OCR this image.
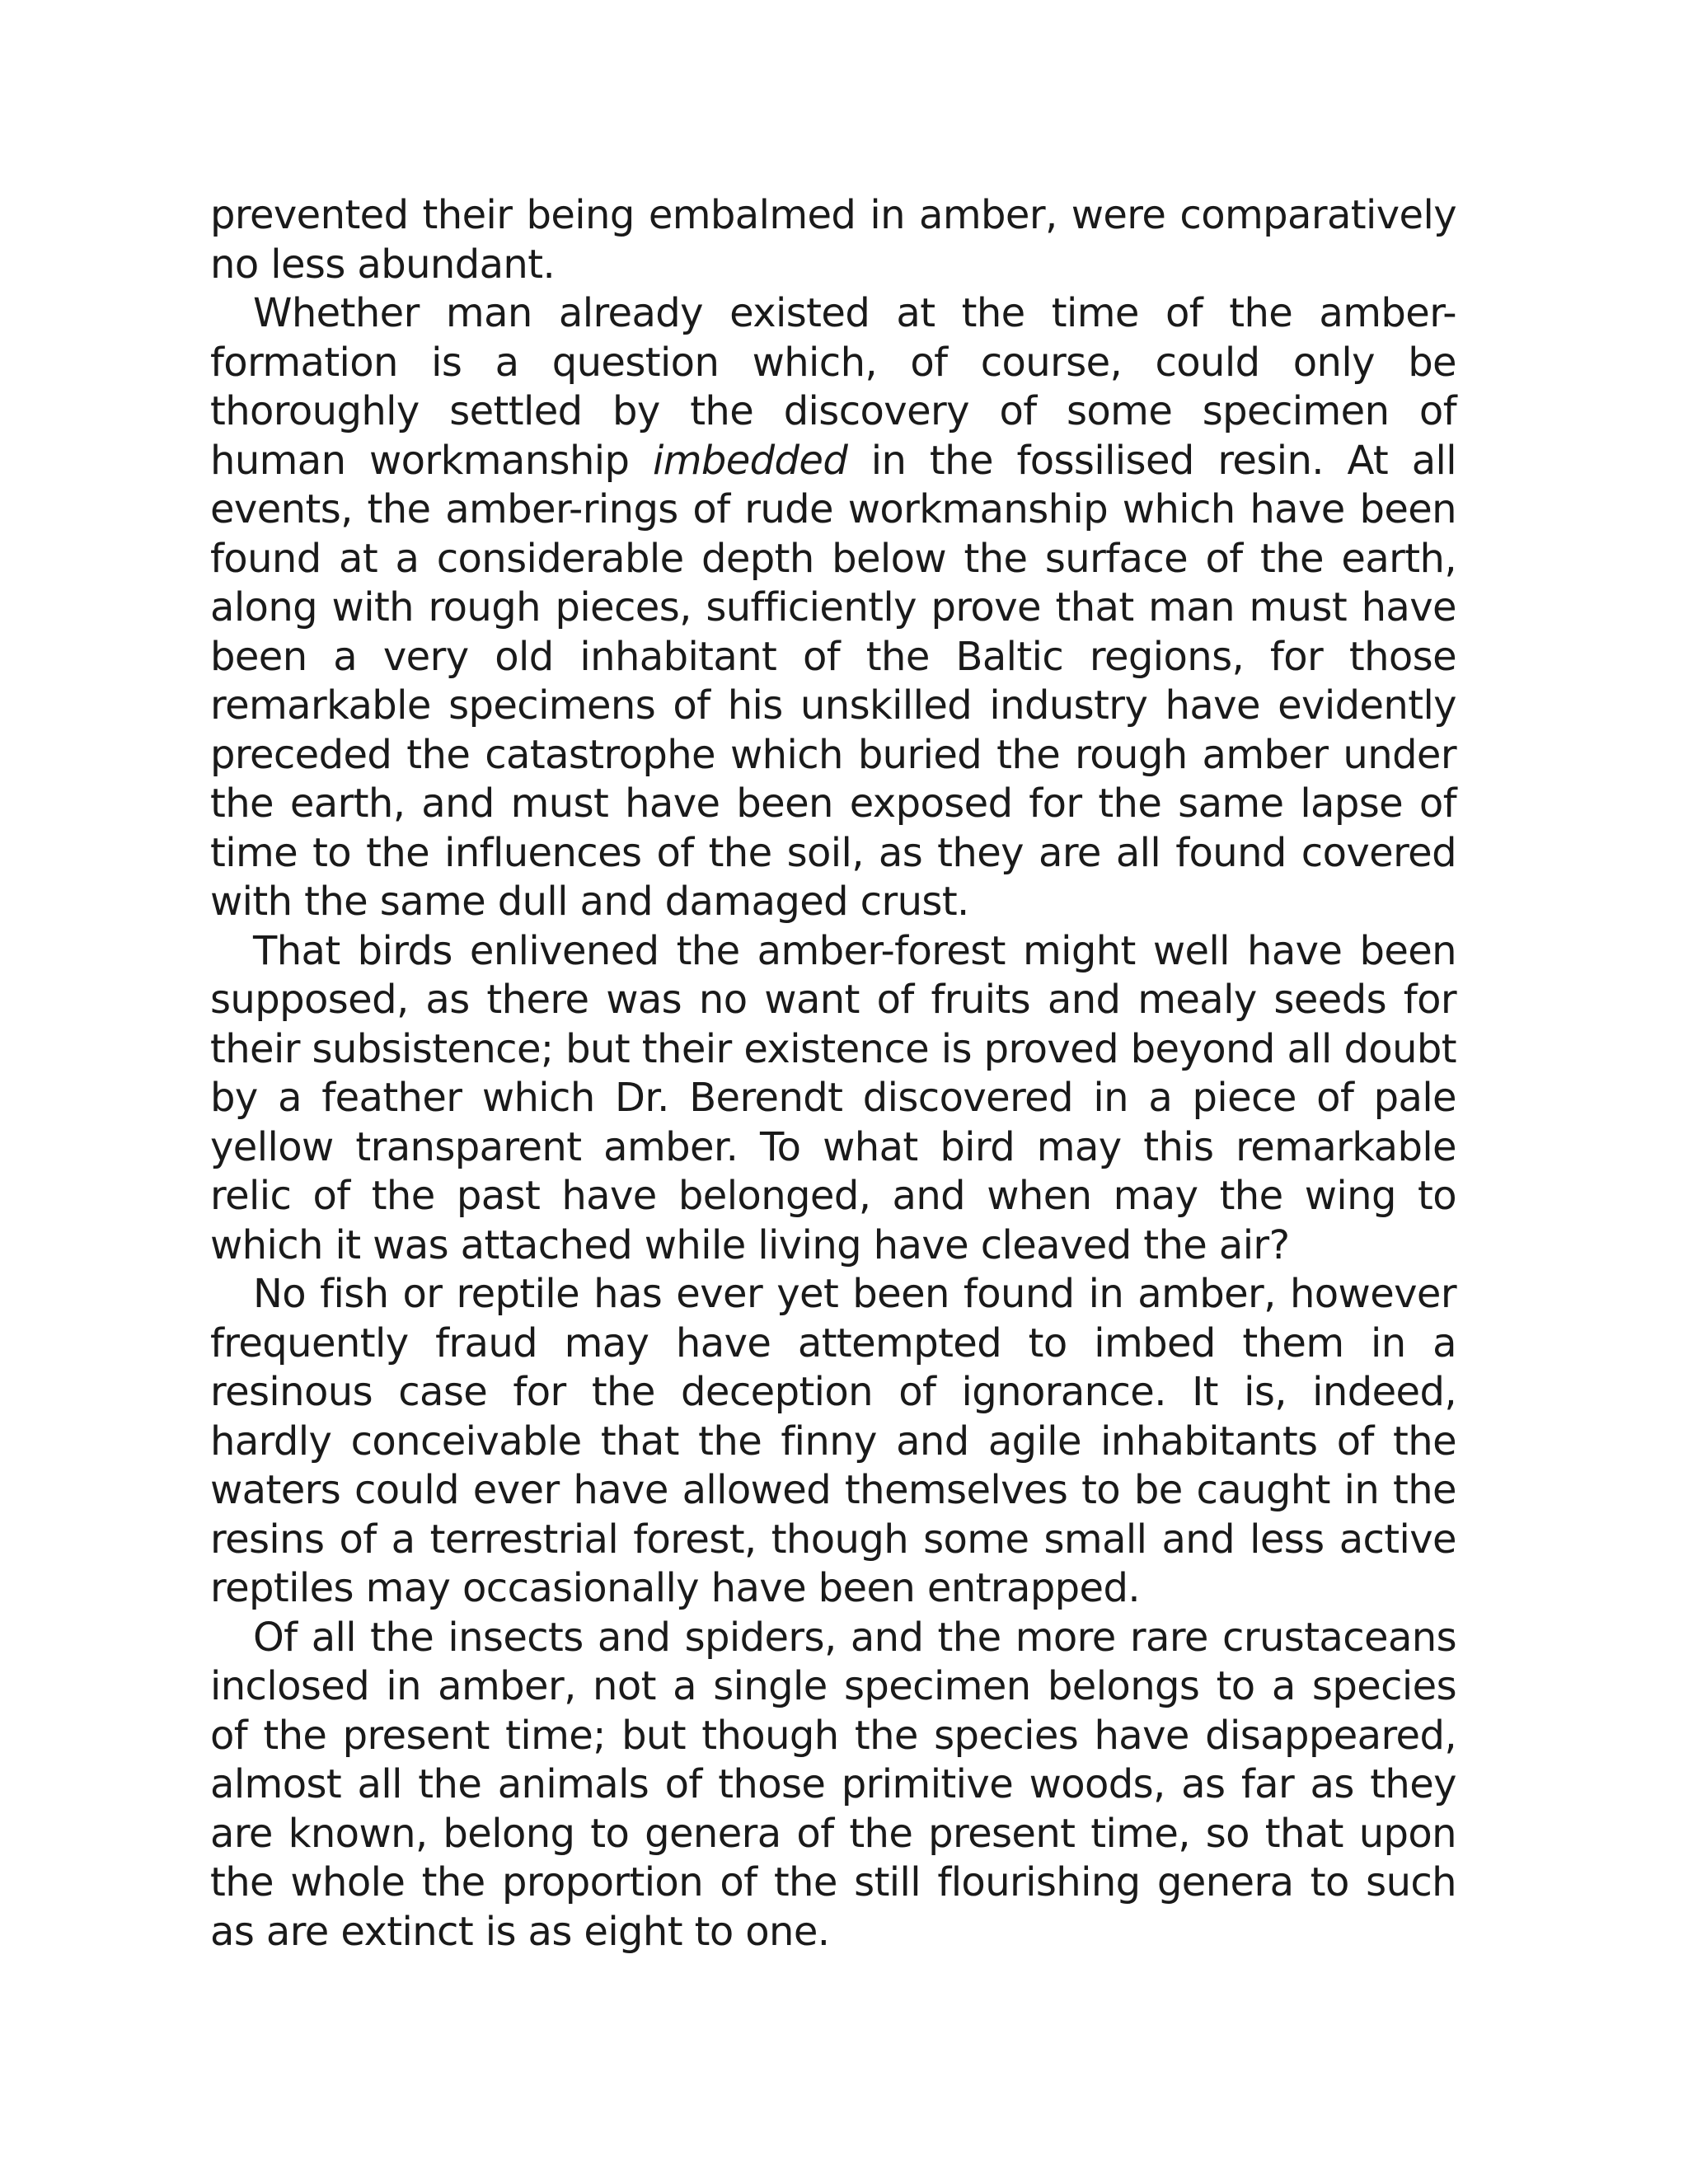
prevented their being embalmed in amber, were comparatively no less abundant.

Whether man already existed at the time of the amber-formation is a question which, of course, could only be thoroughly settled by the discovery of some specimen of human workmanship imbedded in the fossilised resin. At all events, the amber-rings of rude workmanship which have been found at a considerable depth below the surface of the earth, along with rough pieces, sufficiently prove that man must have been a very old inhabitant of the Baltic regions, for those remarkable specimens of his unskilled industry have evidently preceded the catastrophe which buried the rough amber under the earth, and must have been exposed for the same lapse of time to the influences of the soil, as they are all found covered with the same dull and damaged crust.

That birds enlivened the amber-forest might well have been supposed, as there was no want of fruits and mealy seeds for their subsistence; but their existence is proved beyond all doubt by a feather which Dr. Berendt discovered in a piece of pale yellow transparent amber. To what bird may this remarkable relic of the past have belonged, and when may the wing to which it was attached while living have cleaved the air?

No fish or reptile has ever yet been found in amber, however frequently fraud may have attempted to imbed them in a resinous case for the deception of ignorance. It is, indeed, hardly conceivable that the finny and agile inhabitants of the waters could ever have allowed themselves to be caught in the resins of a terrestrial forest, though some small and less active reptiles may occasionally have been entrapped.

Of all the insects and spiders, and the more rare crustaceans inclosed in amber, not a single specimen belongs to a species of the present time; but though the species have disappeared, almost all the animals of those primitive woods, as far as they are known, belong to genera of the present time, so that upon the whole the proportion of the still flourishing genera to such as are extinct is as eight to one.
